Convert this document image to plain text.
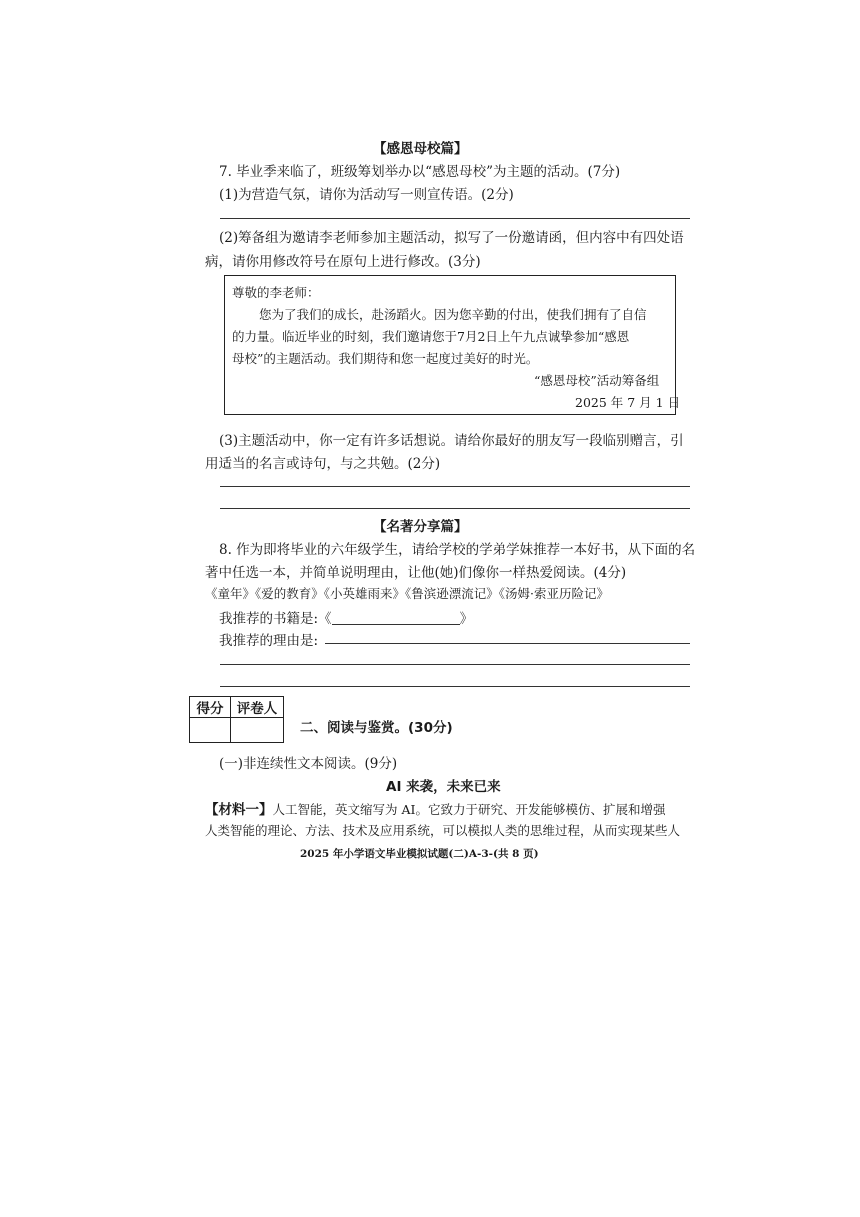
【感恩母校篇】
7. 毕业季来临了，班级筹划举办以“感恩母校”为主题的活动。(7分)
(1)为营造气氛，请你为活动写一则宣传语。(2分)
(2)筹备组为邀请李老师参加主题活动，拟写了一份邀请函，但内容中有四处语
病，请你用修改符号在原句上进行修改。(3分)
尊敬的李老师：
您为了我们的成长，赴汤蹈火。因为您辛勤的付出，使我们拥有了自信
的力量。临近毕业的时刻，我们邀请您于7月2日上午九点诚挚参加“感恩
母校”的主题活动。我们期待和您一起度过美好的时光。
“感恩母校”活动筹备组
2025 年 7 月 1 日
(3)主题活动中，你一定有许多话想说。请给你最好的朋友写一段临别赠言，引
用适当的名言或诗句，与之共勉。(2分)
【名著分享篇】
8. 作为即将毕业的六年级学生，请给学校的学弟学妹推荐一本好书，从下面的名
著中任选一本，并简单说明理由，让他(她)们像你一样热爱阅读。(4分)
《童年》《爱的教育》《小英雄雨来》《鲁滨逊漂流记》《汤姆·索亚历险记》
我推荐的书籍是:《	》
我推荐的理由是:
得分	评卷人

二、阅读与鉴赏。(30分)
(一)非连续性文本阅读。(9分)
AI 来袭，未来已来
【材料一】人工智能，英文缩写为 AI。它致力于研究、开发能够模仿、扩展和增强
人类智能的理论、方法、技术及应用系统，可以模拟人类的思维过程，从而实现某些人
2025 年小学语文毕业模拟试题(二)A-3-(共 8 页)
